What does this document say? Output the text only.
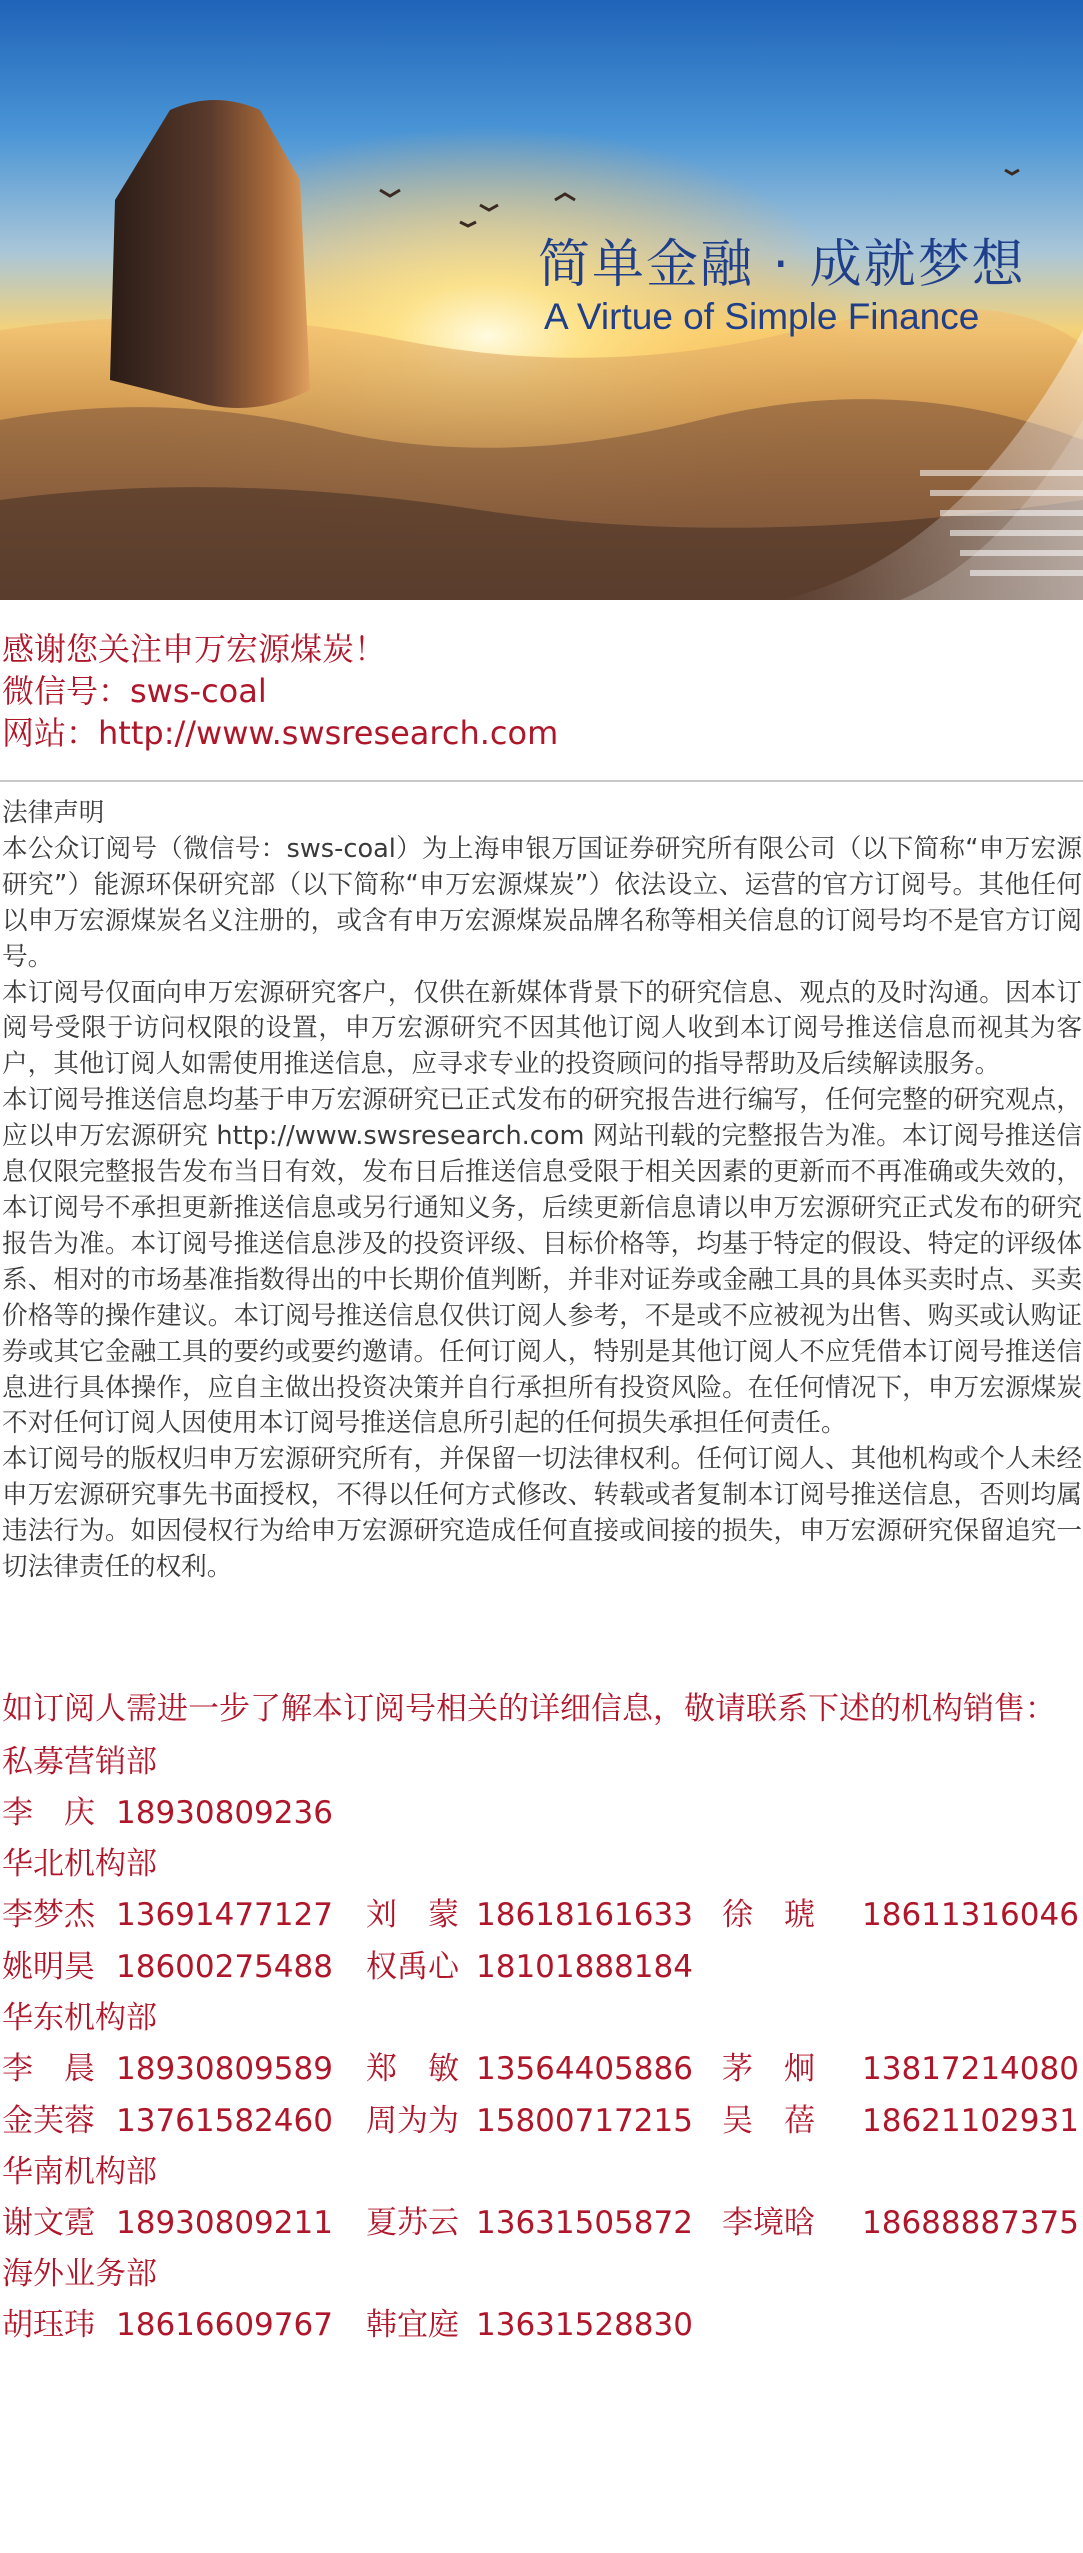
简单金融 · 成就梦想
A Virtue of Simple Finance
感谢您关注申万宏源煤炭！
微信号：sws-coal
网站：http://www.swsresearch.com

法律声明

本公众订阅号（微信号：sws-coal）为上海申银万国证券研究所有限公司（以下简称“申万宏源研究”）能源环保研究部（以下简称“申万宏源煤炭”）依法设立、运营的官方订阅号。其他任何以申万宏源煤炭名义注册的，或含有申万宏源煤炭品牌名称等相关信息的订阅号均不是官方订阅号。

本订阅号仅面向申万宏源研究客户，仅供在新媒体背景下的研究信息、观点的及时沟通。因本订阅号受限于访问权限的设置，申万宏源研究不因其他订阅人收到本订阅号推送信息而视其为客户，其他订阅人如需使用推送信息，应寻求专业的投资顾问的指导帮助及后续解读服务。

本订阅号推送信息均基于申万宏源研究已正式发布的研究报告进行编写，任何完整的研究观点，应以申万宏源研究 http://www.swsresearch.com 网站刊载的完整报告为准。本订阅号推送信息仅限完整报告发布当日有效，发布日后推送信息受限于相关因素的更新而不再准确或失效的，本订阅号不承担更新推送信息或另行通知义务，后续更新信息请以申万宏源研究正式发布的研究报告为准。本订阅号推送信息涉及的投资评级、目标价格等，均基于特定的假设、特定的评级体系、相对的市场基准指数得出的中长期价值判断，并非对证券或金融工具的具体买卖时点、买卖价格等的操作建议。本订阅号推送信息仅供订阅人参考，不是或不应被视为出售、购买或认购证券或其它金融工具的要约或要约邀请。任何订阅人，特别是其他订阅人不应凭借本订阅号推送信息进行具体操作，应自主做出投资决策并自行承担所有投资风险。在任何情况下，申万宏源煤炭不对任何订阅人因使用本订阅号推送信息所引起的任何损失承担任何责任。

本订阅号的版权归申万宏源研究所有，并保留一切法律权利。任何订阅人、其他机构或个人未经申万宏源研究事先书面授权，不得以任何方式修改、转载或者复制本订阅号推送信息，否则均属违法行为。如因侵权行为给申万宏源研究造成任何直接或间接的损失，申万宏源研究保留追究一切法律责任的权利。

如订阅人需进一步了解本订阅号相关的详细信息，敬请联系下述的机构销售：

私募营销部
李　庆 18930809236
华北机构部
李梦杰 13691477127 刘　蒙 18618161633 徐　琥 18611316046
姚明昊 18600275488 权禹心 18101888184
华东机构部
李　晨 18930809589 郑　敏 13564405886 茅　炯 13817214080
金芙蓉 13761582460 周为为 15800717215 吴　蓓 18621102931
华南机构部
谢文霓 18930809211 夏苏云 13631505872 李境晗 18688887375
海外业务部
胡珏玮 18616609767 韩宜庭 13631528830
